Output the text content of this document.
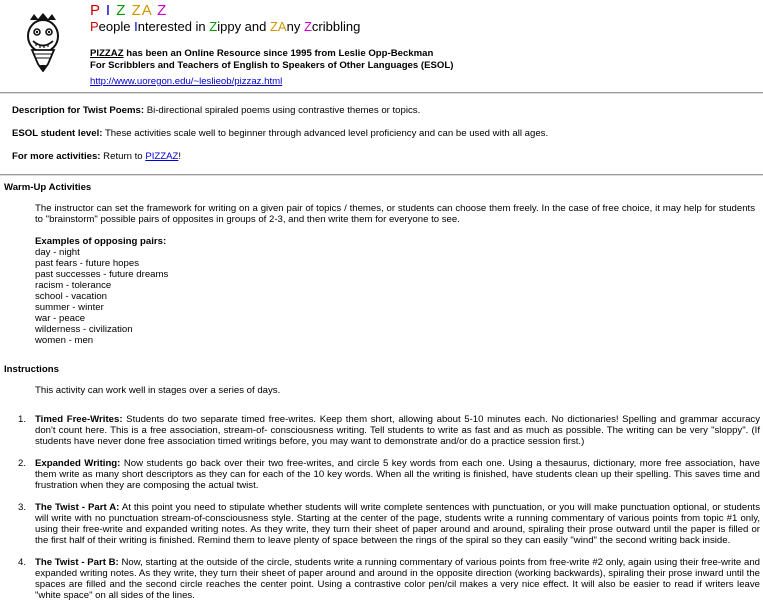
P I Z ZA Z
People Interested in Zippy and ZAny Zcribbling
PIZZAZ has been an Online Resource since 1995 from Leslie Opp-Beckman
For Scribblers and Teachers of English to Speakers of Other Languages (ESOL)
http://www.uoregon.edu/~leslieob/pizzaz.html
Description for Twist Poems: Bi-directional spiraled poems using contrastive themes or topics.
ESOL student level: These activities scale well to beginner through advanced level proficiency and can be used with all ages.
For more activities: Return to PIZZAZ!
Warm-Up Activities
The instructor can set the framework for writing on a given pair of topics / themes, or students can choose them freely. In the case of free choice, it may help for students to "brainstorm" possible pairs of opposites in groups of 2-3, and then write them for everyone to see.
Examples of opposing pairs:
day - night
past fears - future hopes
past successes - future dreams
racism - tolerance
school - vacation
summer - winter
war - peace
wilderness - civilization
women - men
Instructions
This activity can work well in stages over a series of days.
1. Timed Free-Writes: Students do two separate timed free-writes. Keep them short, allowing about 5-10 minutes each. No dictionaries! Spelling and grammar accuracy don't count here. This is a free association, stream-of- consciousness writing. Tell students to write as fast and as much as possible. The writing can be very "sloppy". (If students have never done free association timed writings before, you may want to demonstrate and/or do a practice session first.)
2. Expanded Writing: Now students go back over their two free-writes, and circle 5 key words from each one. Using a thesaurus, dictionary, more free association, have them write as many short descriptors as they can for each of the 10 key words. When all the writing is finished, have students clean up their spelling. This saves time and frustration when they are composing the actual twist.
3. The Twist - Part A: At this point you need to stipulate whether students will write complete sentences with punctuation, or you will make punctuation optional, or students will write with no punctuation stream-of-consciousness style. Starting at the center of the page, students write a running commentary of various points from topic #1 only, using their free-write and expanded writing notes. As they write, they turn their sheet of paper around and around, spiraling their prose outward until the paper is filled or the first half of their writing is finished. Remind them to leave plenty of space between the rings of the spiral so they can easily "wind" the second writing back inside.
4. The Twist - Part B: Now, starting at the outside of the circle, students write a running commentary of various points from free-write #2 only, again using their free-write and expanded writing notes. As they write, they turn their sheet of paper around and around in the opposite direction (working backwards), spiraling their prose inward until the spaces are filled and the second circle reaches the center point. Using a contrastive color pen/cil makes a very nice effect. It will also be easier to read if writers leave "white space" on all sides of the lines.
